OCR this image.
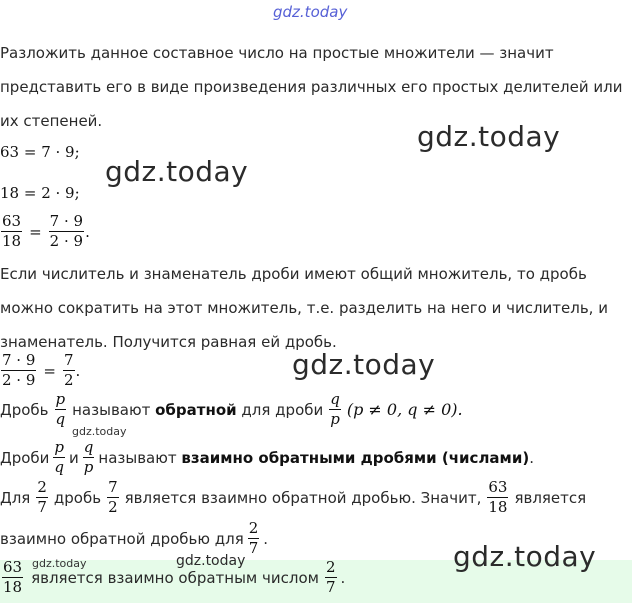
gdz.today
Разложить данное составное число на простые множители — значит
представить его в виде произведения различных его простых делителей или
их степеней.
63 = 7 · 9;
18 = 2 · 9;
$\frac{63}{18} = \frac{7 \cdot 9}{2 \cdot 9}$ .
Если числитель и знаменатель дроби имеют общий множитель, то дробь
можно сократить на этот множитель, т.е. разделить на него и числитель, и
знаменатель. Получится равная ей дробь.
$\frac{7 \cdot 9}{2 \cdot 9} = \frac{7}{2}$ .
Дробь $\frac{p}{q}$ называют
обратной
для дроби $\frac{q}{p} (p \ne 0$, q ≠ 0).
Дроби $\frac{p}{q}$ и $\frac{q}{p}$ называют
взаимно обратными дробями (числами) .
Для $\frac{2}{7}$ дробь $\frac{7}{2}$ является взаимно обратной дробью. Значит, $\frac{63}{18}$ является
взаимно обратной дробью для $\frac{2}{7}$ .
$\frac{63}{18}$ является взаимно обратным числом $\frac{2}{7}$ .
gdz.today
gdz.today
gdz.today
gdz.today
gdz.today
gdz.today	gdz.today
